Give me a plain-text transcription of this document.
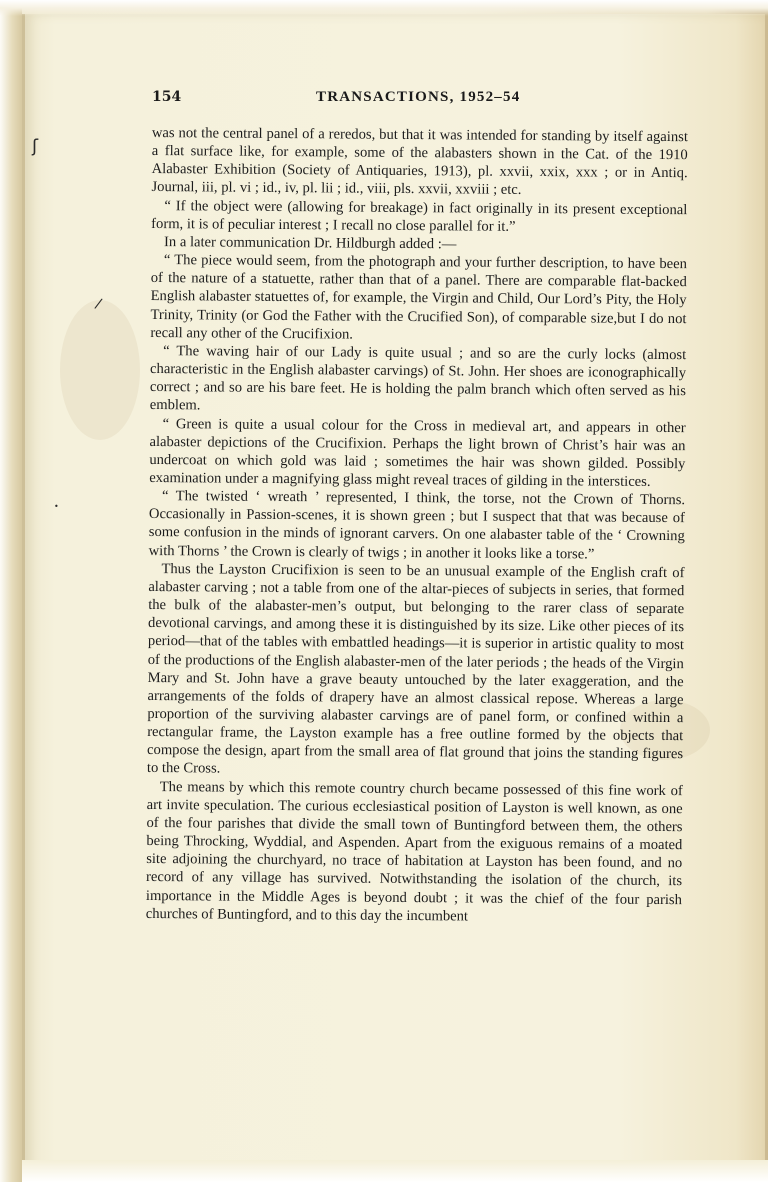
ʃ
/
•
154	TRANSACTIONS, 1952–54

was not the central panel of a reredos, but that it was intended for standing by itself against a flat surface like, for example, some of the alabasters shown in the Cat. of the 1910 Alabaster Exhibition (Society of Antiquaries, 1913), pl. xxvii, xxix, xxx ; or in Antiq. Journal, iii, pl. vi ; id., iv, pl. lii ; id., viii, pls. xxvii, xxviii ; etc.

“ If the object were (allowing for breakage) in fact originally in its present exceptional form, it is of peculiar interest ; I recall no close parallel for it.”

In a later communication Dr. Hildburgh added :—

“ The piece would seem, from the photograph and your further description, to have been of the nature of a statuette, rather than that of a panel. There are comparable flat-backed English alabaster statuettes of, for example, the Virgin and Child, Our Lord’s Pity, the Holy Trinity, Trinity (or God the Father with the Crucified Son), of comparable size,but I do not recall any other of the Crucifixion.

“ The waving hair of our Lady is quite usual ; and so are the curly locks (almost characteristic in the English alabaster carvings) of St. John. Her shoes are iconographically correct ; and so are his bare feet. He is holding the palm branch which often served as his emblem.

“ Green is quite a usual colour for the Cross in medieval art, and appears in other alabaster depictions of the Crucifixion. Perhaps the light brown of Christ’s hair was an undercoat on which gold was laid ; sometimes the hair was shown gilded. Possibly examination under a magnifying glass might reveal traces of gilding in the interstices.

“ The twisted ‘ wreath ’ represented, I think, the torse, not the Crown of Thorns. Occasionally in Passion-scenes, it is shown green ; but I suspect that that was because of some confusion in the minds of ignorant carvers. On one alabaster table of the ‘ Crowning with Thorns ’ the Crown is clearly of twigs ; in another it looks like a torse.”

Thus the Layston Crucifixion is seen to be an unusual example of the English craft of alabaster carving ; not a table from one of the altar-pieces of subjects in series, that formed the bulk of the alabaster-men’s output, but belonging to the rarer class of separate devotional carvings, and among these it is distinguished by its size. Like other pieces of its period—that of the tables with embattled headings—it is superior in artistic quality to most of the productions of the English alabaster-men of the later periods ; the heads of the Virgin Mary and St. John have a grave beauty untouched by the later exaggeration, and the arrangements of the folds of drapery have an almost classical repose. Whereas a large proportion of the surviving alabaster carvings are of panel form, or confined within a rectangular frame, the Layston example has a free outline formed by the objects that compose the design, apart from the small area of flat ground that joins the standing figures to the Cross.

The means by which this remote country church became possessed of this fine work of art invite speculation. The curious ecclesiastical position of Layston is well known, as one of the four parishes that divide the small town of Buntingford between them, the others being Throcking, Wyddial, and Aspenden. Apart from the exiguous remains of a moated site adjoining the churchyard, no trace of habitation at Layston has been found, and no record of any village has survived. Notwithstanding the isolation of the church, its importance in the Middle Ages is beyond doubt ; it was the chief of the four parish churches of Buntingford, and to this day the incumbent
